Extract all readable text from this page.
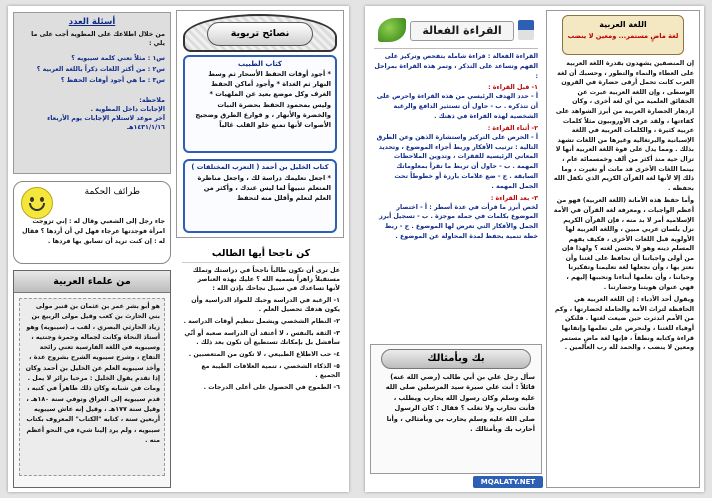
أسئلة العدد

من خلال اطلاعك على المطوية أجب على ما يلي :

س١ : مثلاً تعني كلمة سيبويه ؟
س٢ : من أكثر اللغات ذكراً باللغة العربية ؟
س٣ : ما هي أجود أوقات الحفظ ؟

ملاحظة:

الإجابات داخل المطوية .

آخر موعد لاستلام الإجابات يوم الأربعاء ١٤٣١/١/١٦هـ

نصائح تربوية

كتاب الطبيب

* أجود أوقات الحفظ الأسحار ثم وسط النهار ثم الغداة * وأجود أماكن الحفظ الغرف وكل موضع بعيد عن الملهيات * وليس بمحمود الحفظ بحضرة النبات والخضرة والأنهار ، و قوارع الطرق وضجيج الأصوات لأنها تمنع خلو القلب غالباً

كتاب الخليل بن أحمد ( التعرب المختلفات )

* اجعل تعليمك دراسة لك ، واجعل مناظرة المتعلم تنبيهاً لما ليس عندك ، وأكثر من العلم لتعلم وأقلل منه لتحفظ

طرائف الحكمة

جاء رجل إلى الشعبي وقال له : إني تزوجت امرأة فوجدتها عرجاء فهل لي أن أردها ؟ فقال له : إن كنت تريد أن تسابق بها فردها .

كن ناجحا أيها الطالب

عل ترى أن تكون طالباً ناجحاً في دراستك وتملك مستقبلاً زاهراً بسميه الله ؟ عليك بهذه العناصر لأنها تساعدك في سبيل نجاحك بإذن الله :

١- الرغبة في الدراسة وحبك للمواد الدراسية وأن يكون هدفك تحصيل العلم .

٢- النظام الشخصي ويشمل تنظيم أوقات الدراسة .

٣- الثقة بالنفس ، لا أعتقد أن الدراسة صعبة أو أنّي سأفشل بل بإمكانك تستطيع أن تكون بعد ذلك .

٤- حب الاطلاع الطبيعي ، لا تكون من المتعصبين .

٥- الذكاء الشخصي ، تنمية العلاقات الطيبة مع الجميع .

٦- الطموح في الحصول على أعلى الدرجات .

من علماء العربية

هو أبو بشر عمر بن عثمان بن قنبر مولى بني الحارث بن كعب وقيل مولى الربيع بن زياد الحارثي البصري ، لقب بـ (سيبويه) وهو أستاذ النحاة وكانت لجماله وحمرة وجنتيه ، وسيبويه في اللغة الفارسية تعني رائحة التفاح ، وشرح سيبويه الشرح بشروح عدة ، وأخذ سيبويه العلم عن الخليل بن أحمد وكان إذا تقدم يقول الخليل : مرحبا بزائر لا يمل . ومات في شبابه وكان ذلك ظاهراً في كتبه ، قدم سيبويه إلى العراق وتوفي سنة ١٨٠هـ ، وقيل سنة ١٧٧هـ ، وقيل إنه عاش سيبويه أربعين سنة ، كتابه "الكتاب" المعروف بكتاب سيبويه ، ولم يرد إلينا شيء في النحو أعظم منه .

اللغة العربية

لغة ماضٍ مستمر... ومعين لا ينضب

إن المنصفين يشهدون بقدرة اللغة العربية على العطاء والنماء والتطور ، وحسبك أن لغة العرب كانت تحمل أرقى حضارة في القرون الوسطى ، وإن اللغة العربية عبرت عن الحقائق العلمية من أي لغة أخرى ، وكان ازدهار الحضارة العربية من أبرز الشواهد على كفاءتها ، ولقد عرف الأوروبيون مثلاً كلمات عربية كثيرة ، والكلمات العربية في اللغة الإسبانية والبرتغالية وغيرها من اللغات تشهد بذلك . ومما يدل على قوة اللغة العربية أنها لا تزال حية منذ أكثر من ألف وخمسمائة عام ، بينما اللغات الأخرى قد ماتت أو تغيرت ، وما ذلك إلا لأنها لغة القرآن الكريم الذي تكفل الله بحفظه .

وأما حفظ هذه الأمانة (اللغة العربية) فهو من أعظم الواجبات ، ومعرفة لغة القرآن في الأمة الإسلامية أمر لا بد منه ، فإن القرآن الكريم نزل بلسان عربي مبين ، واللغة العربية لها الأولوية قبل اللغات الأخرى ، فكيف يفهم المسلم دينه وهو لا يحسن لغته ؟ ولهذا فإن من أولى واجباتنا أن نحافظ على لغتنا وأن نعتز بها ، وأن نجعلها لغة تعليمنا وتفكيرنا وحياتنا ، وأن نعلمها أبناءنا ونحببها إليهم ، فهي عنوان هويتنا وحضارتنا .

ويقول أحد الأدباء : إن اللغة العربية هي الحافظة لتراث الأمة والحاملة لحضارتها ، وكم من الأمم اندثرت حين ضيعت لغتها . فلنكن أوفياء للغتنا ، ولنحرص على تعلمها وإتقانها قراءة وكتابة ونطقاً ، فإنها لغة ماضٍ مستمر ومعين لا ينضب ، والحمد لله رب العالمين .

القراءة الفعالة

القراءة الفعالة : قراءة شاملة بتفحص وتركيز على الفهم وتساعد على التذكر ، وتمر هذه القراءة بمراحل :

١- قبل القراءة :

أ - حدد الهدف الرئيسي من هذه القراءة واحرص على أن تتذكره . ب - حاول أن تستثير الدافع والرغبة الشخصية لهذه القراءة في ذهنك .

٢- أثناء القراءة :

أ - الحرص على التركيز واستشارة الذهن وعن الطرق التالية : ترتيب الأفكار وربط أجزاء الموضوع ، وتحديد المعاني الرئيسية للفقرات ، وتدوين الملاحظات المهمة . ب - حاول أن تربط ما تقرأ بمعلوماتك السابقة . ج - ضع علامات بارزة أو خطوطاً تحت الجمل المهمة .

٣- بعد القراءة :

لخص أبرز ما قرأت في عدة أسطر : أ - اختصار الموضوع بكلمات في جملة موجزة . ب - تسجيل أبرز الجمل والأفكار التي تعرض لها الموضوع . ج - ربط خطة تنمية بحفظ لمدة المحاولة عن الموضوع .

بك وبأمثالك

سأل رجل علي بن أبي طالب (رضي الله عنه) قائلاً : أنت علي سيرة سيد المرسلين صلى الله عليه وسلم وكان رسول الله يحارب ويطلب ، فأنت تحارب ولا تغلب ؟ فقال : كان الرسول صلى الله عليه وسلم يحارب بي وبأمثالي ، وأنا أحارب بك وبأمثالك .

MQALATY.NET
